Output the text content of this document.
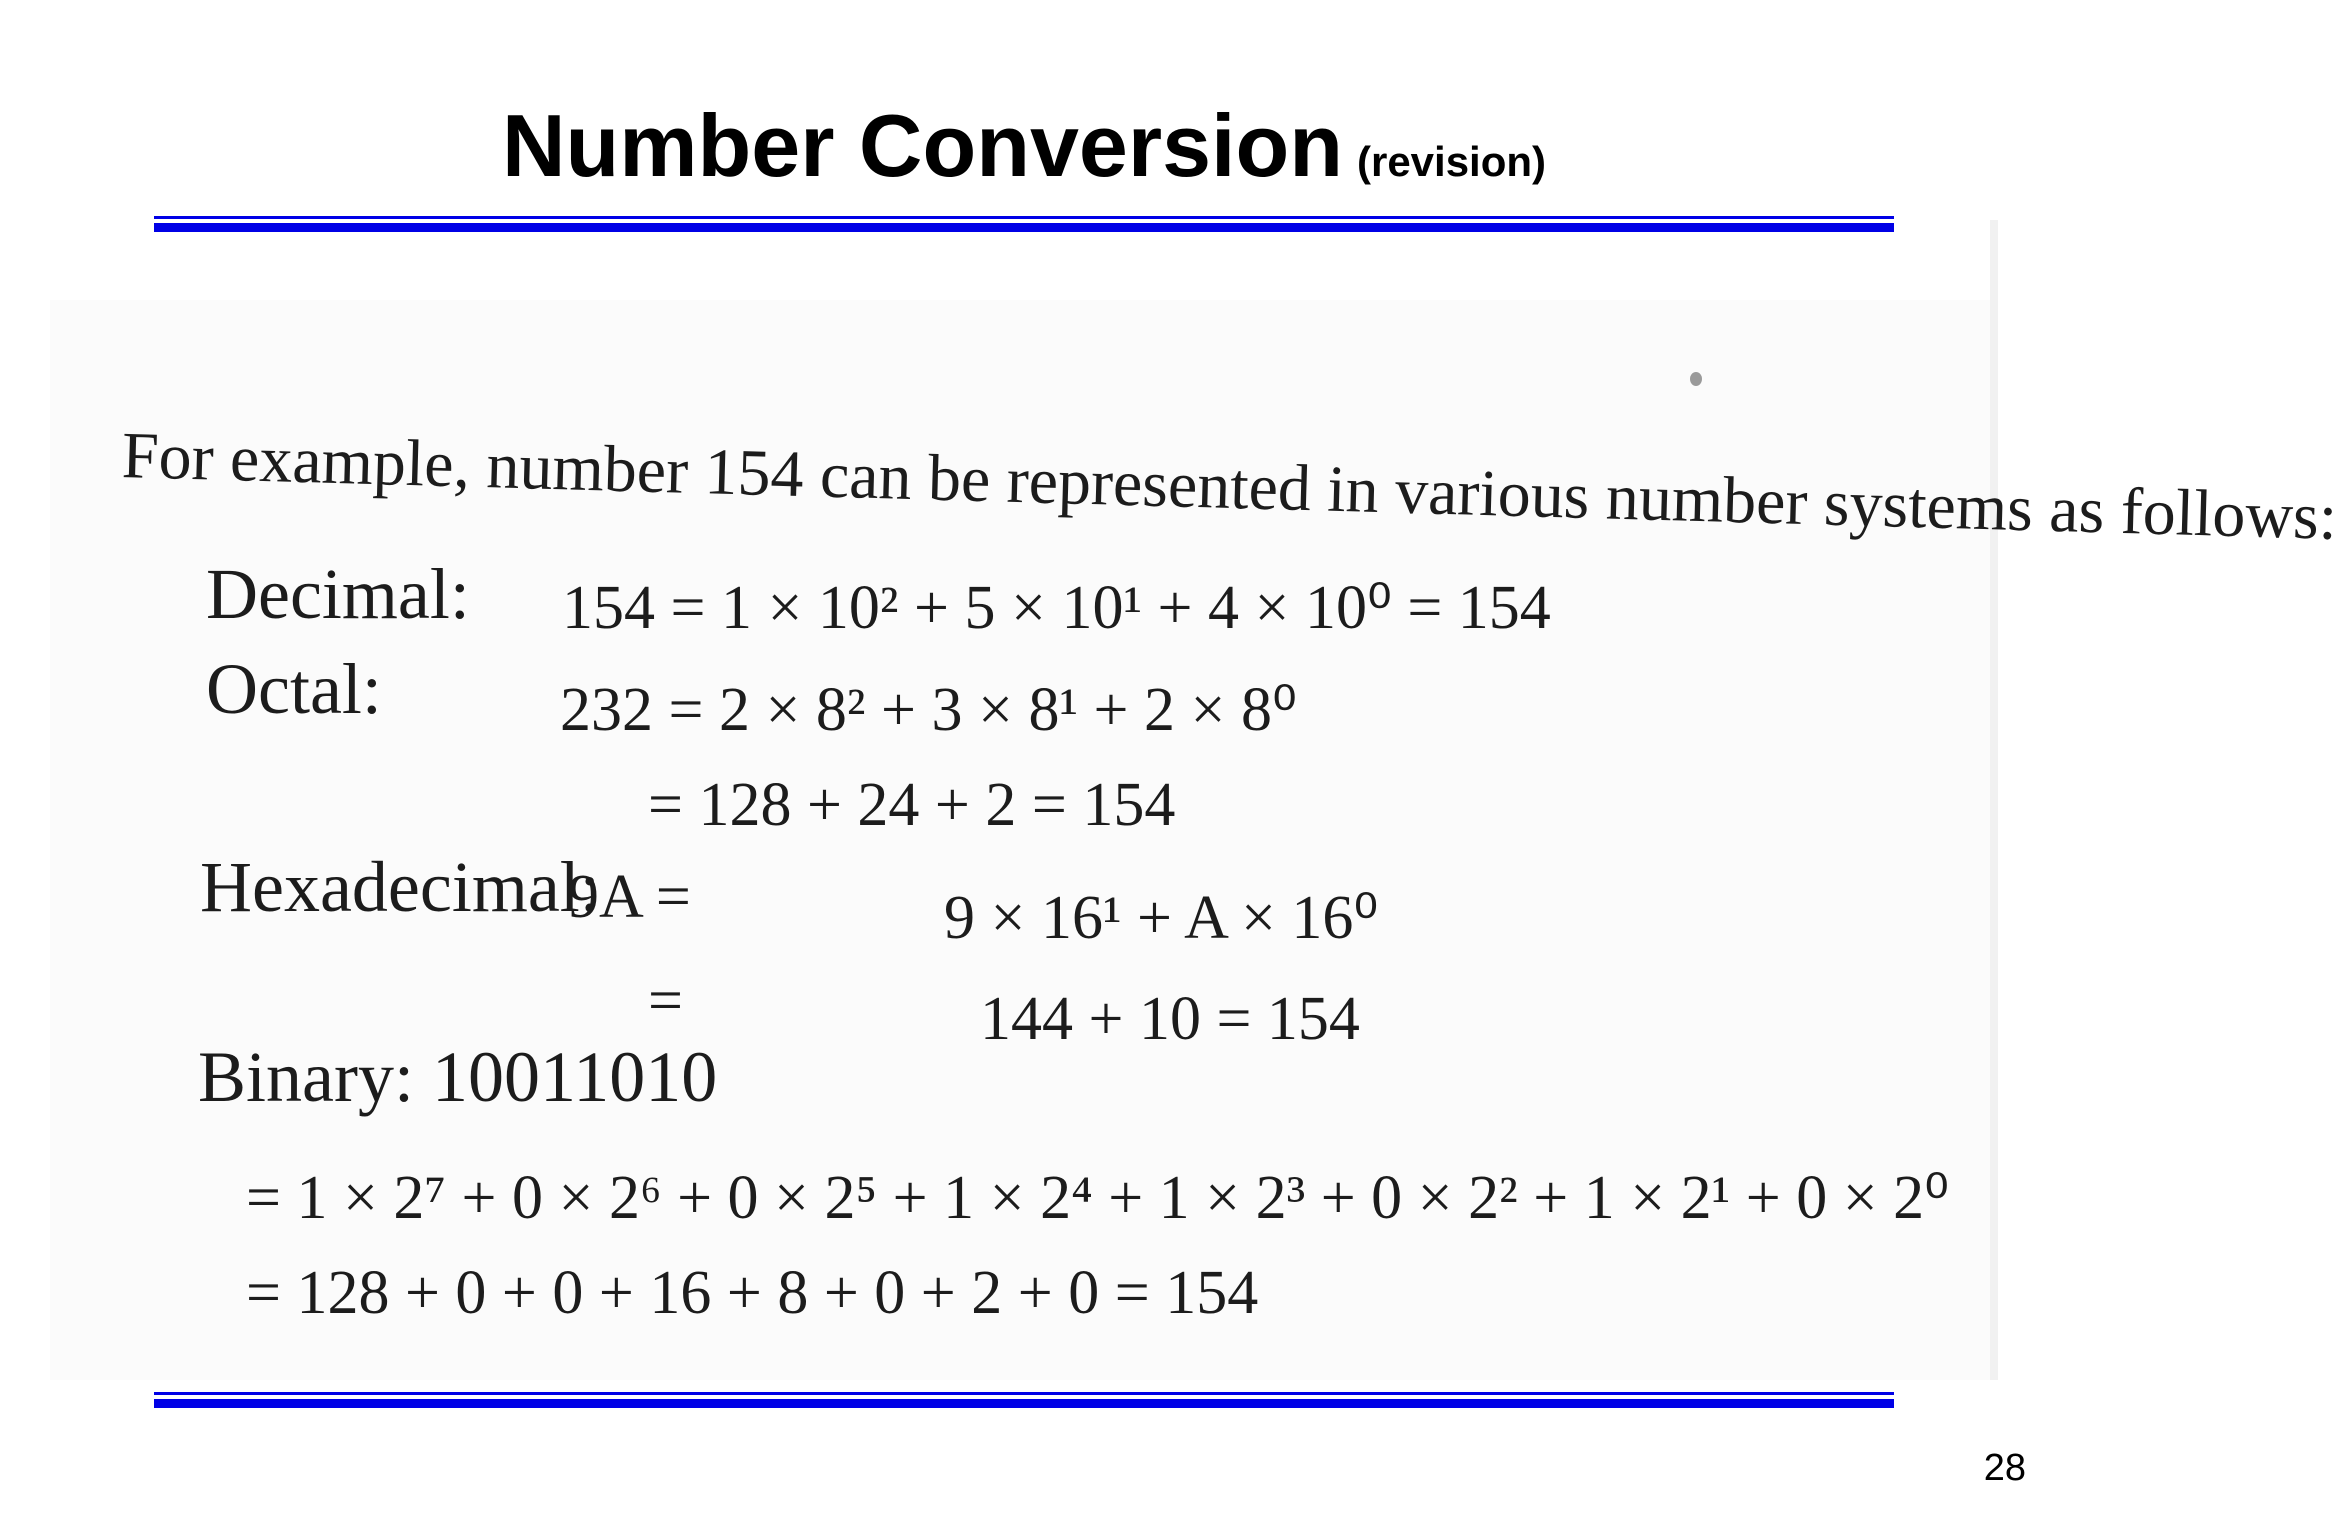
Number Conversion (revision)
For example, number 154 can be represented in various number systems as follows:
Decimal: 154 = 1 × 10² + 5 × 10¹ + 4 × 10⁰ = 154
Octal:	232 = 2 × 8² + 3 × 8¹ + 2 × 8⁰
= 128 + 24 + 2 = 154
Hexadecimal:
9A =	9 × 16¹ + A × 16⁰
=	144 + 10 = 154
Binary: 10011010
= 1 × 2⁷ + 0 × 2⁶ + 0 × 2⁵ + 1 × 2⁴ + 1 × 2³ + 0 × 2² + 1 × 2¹ + 0 × 2⁰
= 128 + 0 + 0 + 16 + 8 + 0 + 2 + 0 = 154
28
